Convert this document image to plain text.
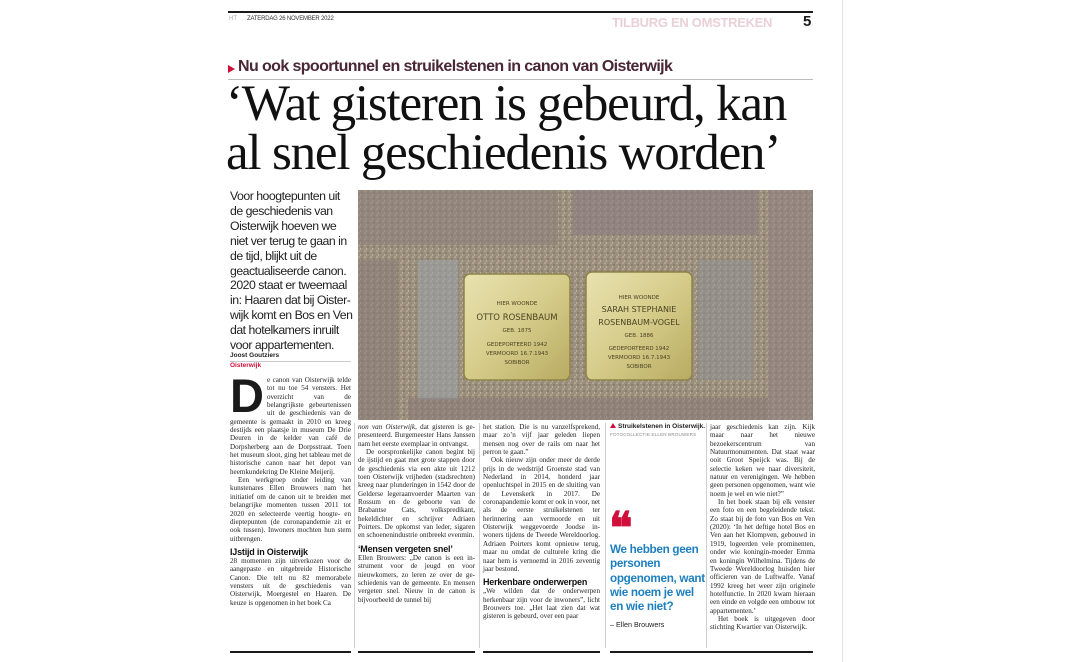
HT ZATERDAG 26 NOVEMBER 2022	TILBURG EN OMSTREKEN 5
Nu ook spoortunnel en struikelstenen in canon van Oisterwijk
‘Wat gisteren is gebeurd, kan
al snel geschiedenis worden’
Voor hoogtepunten uit de geschiedenis van Oisterwijk hoeven we niet ver terug te gaan in de tijd, blijkt uit de geactualiseerde canon. 2020 staat er tweemaal in: Haaren dat bij Oisterwijk komt en Bos en Ven dat hotelkamers inruilt voor appartementen.
Joost Goutziers
Oisterwijk
HIER WOONDE
OTTO ROSENBAUM
GEB. 1875
GEDEPORTEERD 1942
VERMOORD 16.7.1943
SOBIBOR
HIER WOONDE
SARAH STEPHANIE
ROSENBAUM-VOGEL
GEB. 1886
GEDEPORTEERD 1942
VERMOORD 16.7.1943
SOBIBOR
D e canon van Oisterwijk telde tot nu toe 54 vensters. Het overzicht van de belangrijkste gebeurtenissen uit de geschiedenis van de gemeente is gemaakt in 2010 en kreeg destijds een plaatsje in museum De Drie Deuren in de kelder van café de Dorpsherberg aan de Dorpsstraat. Toen het museum sloot, ging het tableau met de historische canon naar het depot van heemkundekring De Kleine Meijerij.

Een werkgroep onder leiding van kunstenares Ellen Brouwers nam het initiatief om de canon uit te breiden met belangrijke momenten tussen 2011 tot 2020 en selecteerde veertig hoogte- en dieptepunten (de coronapandemie zit er ook tussen). Inwoners mochten hun stem uitbrengen.

IJstijd in Oisterwijk

28 momenten zijn uitverkozen voor de aangepaste en uitgebreide Historische Canon. Die telt nu 82 memorabele vensters uit de geschiedenis van Oisterwijk, Moergestel en Haaren. De keuze is opgenomen in het boek Ca

non van Oisterwijk, dat gisteren is gepresenteerd. Burgemeester Hans Janssen nam het eerste exemplaar in ontvangst.

De oorspronkelijke canon begint bij de ijstijd en gaat met grote stappen door de geschiedenis via een akte uit 1212 toen Oisterwijk vrijheden (stadsrechten) kreeg naar plunderingen in 1542 door de Gelderse legeraanvoerder Maarten van Rossum en de geboorte van de Brabantse Cats, volkspredikant, hekeldichter en schrijver Adriaen Poirters. De opkomst van leder, sigaren en schoenenindustrie ontbreekt evenmin.

‘Mensen vergeten snel’

Ellen Brouwers: „De canon is een instrument voor de jeugd en voor nieuwkomers, zo leren ze over de geschiedenis van de gemeente. En mensen vergeten snel. Nieuw in de canon is bijvoorbeeld de tunnel bij

het station. Die is nu vanzelfsprekend, maar zo’n vijf jaar geleden liepen mensen nog over de rails om naar het perron te gaan.”

Ook nieuw zijn onder meer de derde prijs in de wedstrijd Groenste stad van Nederland in 2014, honderd jaar openluchtspel in 2015 en de sluiting van de Levenskerk in 2017. De coronapandemie komt er ook in voor, net als de eerste struikelstenen ter herinnering aan vermoorde en uit Oisterwijk weggevoerde Joodse inwoners tijdens de Tweede Wereldoorlog. Adriaen Poirters komt opnieuw terug, maar nu omdat de culturele kring die naar hem is vernoemd in 2016 zeventig jaar bestond.

Herkenbare onderwerpen

„We wilden dat de onderwerpen herkenbaar zijn voor de inwoners”, licht Brouwers toe. „Het laat zien dat wat gisteren is gebeurd, over een paar

Struikelstenen in Oisterwijk. FOTOCOLLECTIE ELLEN BROUWERS
❝
We hebben geen personen opgenomen, want wie noem je wel en wie niet?
– Ellen Brouwers

jaar geschiedenis kan zijn. Kijk maar naar het nieuwe bezoekerscentrum van Natuurmonumenten. Dat staat waar ooit Groot Speijck was. Bij de selectie keken we naar diversiteit, natuur en verenigingen. We hebben geen personen opgenomen, want wie noem je wel en wie niet?”

In het boek staan bij elk venster een foto en een begeleidende tekst. Zo staat bij de foto van Bos en Ven (2020): ‘In het deftige hotel Bos en Ven aan het Klompven, gebouwd in 1919, logeerden vele prominenten, onder wie koningin-moeder Emma en koningin Wilhelmina. Tijdens de Tweede Wereldoorlog huisden hier officieren van de Luftwaffe. Vanaf 1992 kreeg het weer zijn originele hotelfunctie. In 2020 kwam hieraan een einde en volgde een ombouw tot appartementen.’

Het boek is uitgegeven door stichting Kwartier van Oisterwijk.
